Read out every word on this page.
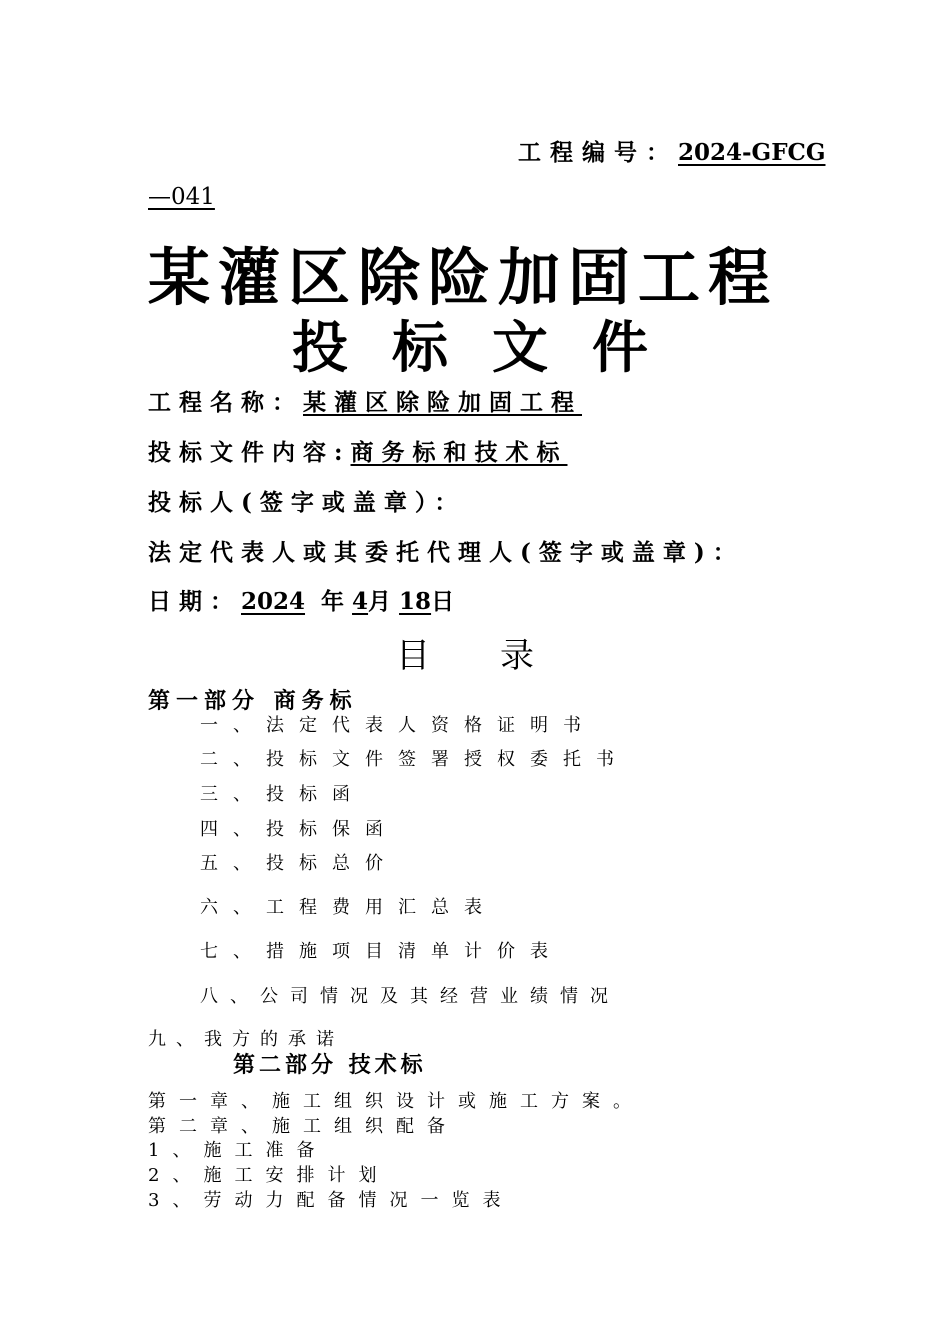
工程编号：2024-GFCG
—041
某灌区除险加固工程
投标文件
工程名称：某灌区除险加固工程
投标文件内容:商务标和技术标
投标人(签字或盖章）：
法定代表人或其委托代理人(签字或盖章)：
日期：2024 年4月18日
目录
第一部分 商务标
一、法定代表人资格证明书
二、投标文件签署授权委托书
三、投标函
四、投标保函
五、投标总价
六、工程费用汇总表
七、措施项目清单计价表
八、公司情况及其经营业绩情况
九、我方的承诺
第二部分 技术标
第一章、施工组织设计或施工方案。
第二章、施工组织配备
1、施工准备
2、施工安排计划
3、劳动力配备情况一览表
